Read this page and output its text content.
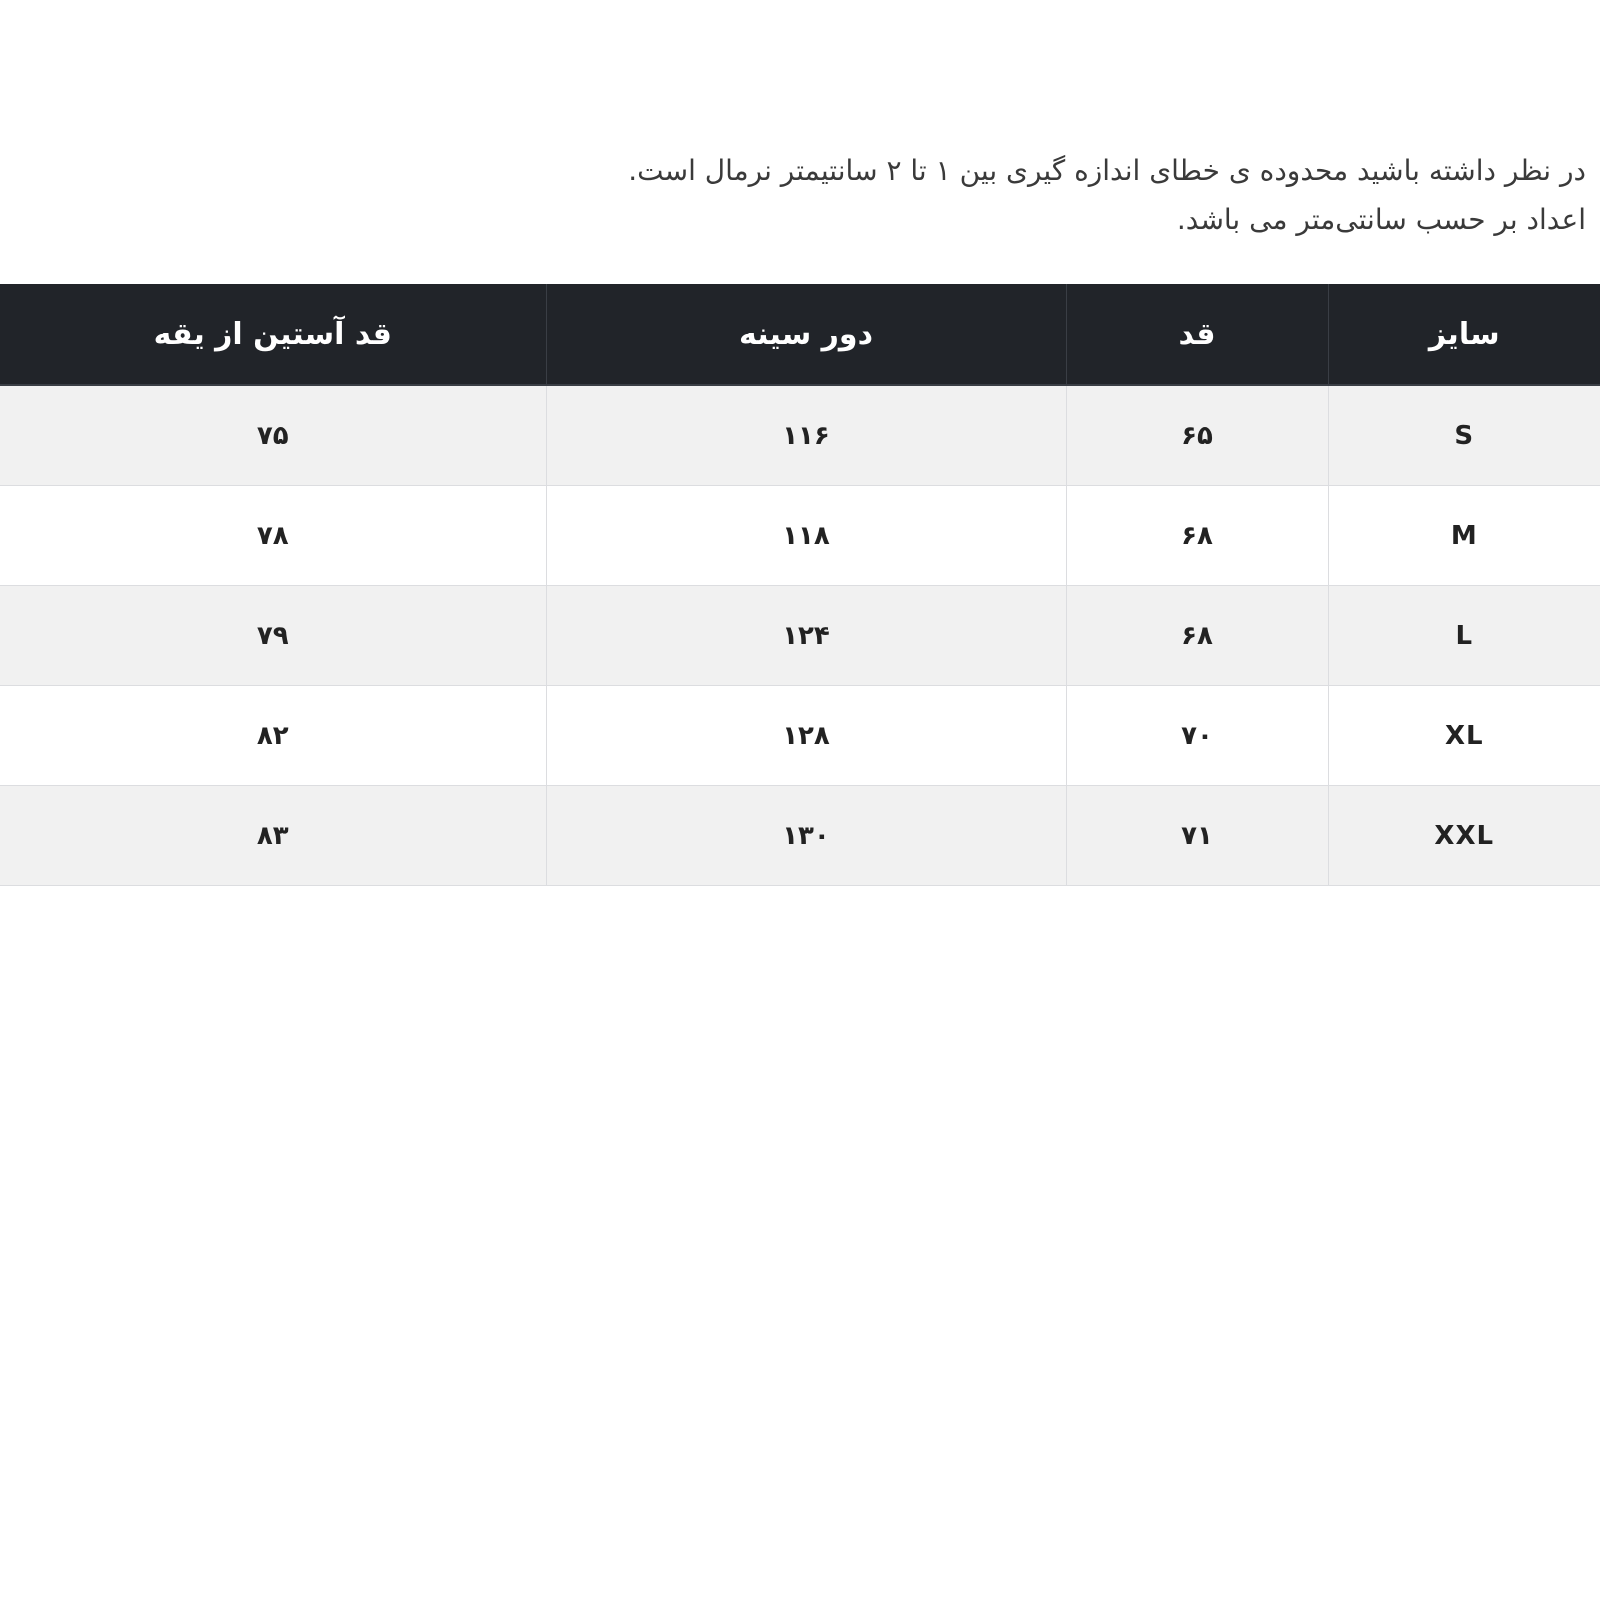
در نظر داشته باشید محدوده ی خطای اندازه گیری بین ۱ تا ۲ سانتیمتر نرمال است.
اعداد بر حسب سانتی‌متر می باشد.
سایز	قد	دور سینه	قد آستین از یقه
S	۶۵	۱۱۶	۷۵
M	۶۸	۱۱۸	۷۸
L	۶۸	۱۲۴	۷۹
XL	۷۰	۱۲۸	۸۲
XXL	۷۱	۱۳۰	۸۳
